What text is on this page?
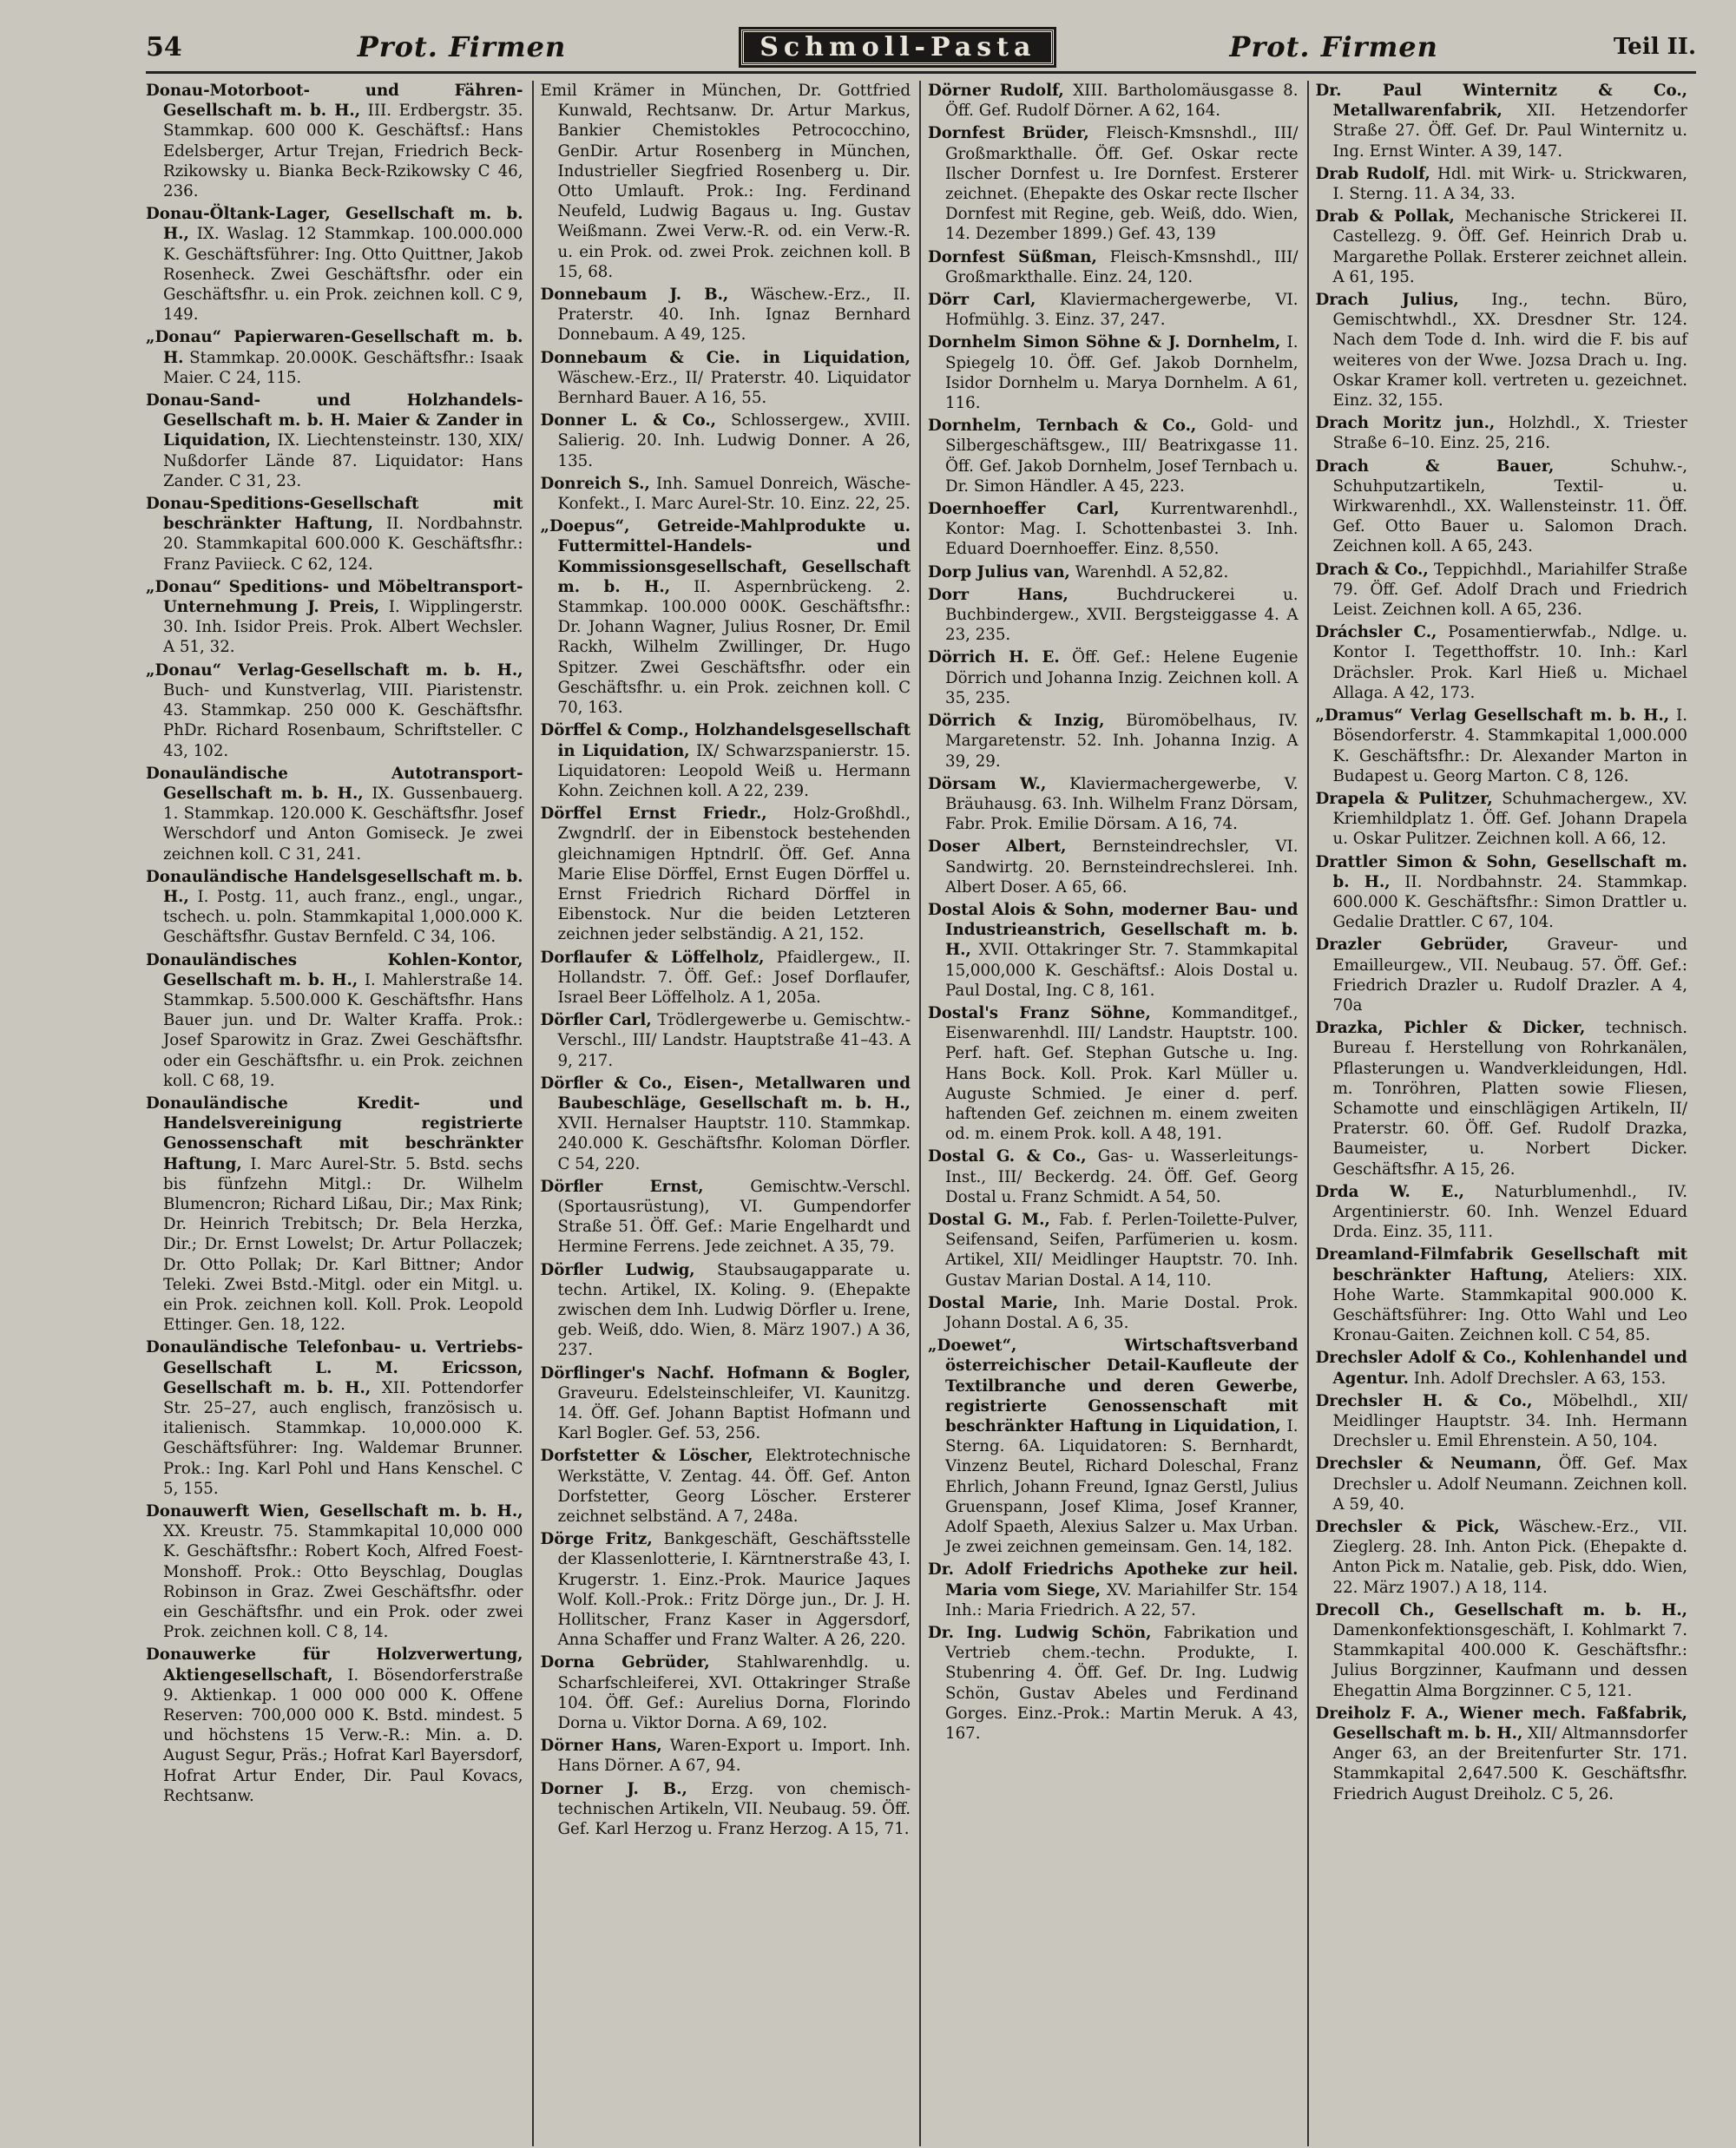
54	Prot. Firmen	Schmoll-Pasta	Prot. Firmen	Teil II.

Donau-Motorboot- und Fähren-Gesellschaft m. b. H., III. Erdbergstr. 35. Stammkap. 600 000 K. Geschäftsf.: Hans Edelsberger, Artur Trejan, Friedrich Beck-Rzikowsky u. Bianka Beck-Rzikowsky C 46, 236.

Donau-Öltank-Lager, Gesellschaft m. b. H., IX. Waslag. 12 Stammkap. 100.000.000 K. Geschäftsführer: Ing. Otto Quittner, Jakob Rosenheck. Zwei Geschäftsfhr. oder ein Geschäftsfhr. u. ein Prok. zeichnen koll. C 9, 149.

„Donau“ Papierwaren-Gesellschaft m. b. H. Stammkap. 20.000K. Geschäftsfhr.: Isaak Maier. C 24, 115.

Donau-Sand- und Holzhandels-Gesellschaft m. b. H. Maier & Zander in Liquidation, IX. Liechtensteinstr. 130, XIX/ Nußdorfer Lände 87. Liquidator: Hans Zander. C 31, 23.

Donau-Speditions-Gesellschaft mit beschränkter Haftung, II. Nordbahnstr. 20. Stammkapital 600.000 K. Geschäftsfhr.: Franz Paviieck. C 62, 124.

„Donau“ Speditions- und Möbeltransport-Unternehmung J. Preis, I. Wipplingerstr. 30. Inh. Isidor Preis. Prok. Albert Wechsler. A 51, 32.

„Donau“ Verlag-Gesellschaft m. b. H., Buch- und Kunstverlag, VIII. Piaristenstr. 43. Stammkap. 250 000 K. Geschäftsfhr. PhDr. Richard Rosenbaum, Schriftsteller. C 43, 102.

Donauländische Autotransport-Gesellschaft m. b. H., IX. Gussenbauerg. 1. Stammkap. 120.000 K. Geschäftsfhr. Josef Werschdorf und Anton Gomiseck. Je zwei zeichnen koll. C 31, 241.

Donauländische Handelsgesellschaft m. b. H., I. Postg. 11, auch franz., engl., ungar., tschech. u. poln. Stammkapital 1,000.000 K. Geschäftsfhr. Gustav Bernfeld. C 34, 106.

Donauländisches Kohlen-Kontor, Gesellschaft m. b. H., I. Mahlerstraße 14. Stammkap. 5.500.000 K. Geschäftsfhr. Hans Bauer jun. und Dr. Walter Kraffa. Prok.: Josef Sparowitz in Graz. Zwei Geschäftsfhr. oder ein Geschäftsfhr. u. ein Prok. zeichnen koll. C 68, 19.

Donauländische Kredit- und Handelsvereinigung registrierte Genossenschaft mit beschränkter Haftung, I. Marc Aurel-Str. 5. Bstd. sechs bis fünfzehn Mitgl.: Dr. Wilhelm Blumencron; Richard Lißau, Dir.; Max Rink; Dr. Heinrich Trebitsch; Dr. Bela Herzka, Dir.; Dr. Ernst Lowelst; Dr. Artur Pollaczek; Dr. Otto Pollak; Dr. Karl Bittner; Andor Teleki. Zwei Bstd.-Mitgl. oder ein Mitgl. u. ein Prok. zeichnen koll. Koll. Prok. Leopold Ettinger. Gen. 18, 122.

Donauländische Telefonbau- u. Vertriebs-Gesellschaft L. M. Ericsson, Gesellschaft m. b. H., XII. Pottendorfer Str. 25–27, auch englisch, französisch u. italienisch. Stammkap. 10,000.000 K. Geschäftsführer: Ing. Waldemar Brunner. Prok.: Ing. Karl Pohl und Hans Kenschel. C 5, 155.

Donauwerft Wien, Gesellschaft m. b. H., XX. Kreustr. 75. Stammkapital 10,000 000 K. Geschäftsfhr.: Robert Koch, Alfred Foest-Monshoff. Prok.: Otto Beyschlag, Douglas Robinson in Graz. Zwei Geschäftsfhr. oder ein Geschäftsfhr. und ein Prok. oder zwei Prok. zeichnen koll. C 8, 14.

Donauwerke für Holzverwertung, Aktiengesellschaft, I. Bösendorferstraße 9. Aktienkap. 1 000 000 000 K. Offene Reserven: 700,000 000 K. Bstd. mindest. 5 und höchstens 15 Verw.-R.: Min. a. D. August Segur, Präs.; Hofrat Karl Bayersdorf, Hofrat Artur Ender, Dir. Paul Kovacs, Rechtsanw.

Emil Krämer in München, Dr. Gottfried Kunwald, Rechtsanw. Dr. Artur Markus, Bankier Chemistokles Petrococchino, GenDir. Artur Rosenberg in München, Industrieller Siegfried Rosenberg u. Dir. Otto Umlauft. Prok.: Ing. Ferdinand Neufeld, Ludwig Bagaus u. Ing. Gustav Weißmann. Zwei Verw.-R. od. ein Verw.-R. u. ein Prok. od. zwei Prok. zeichnen koll. B 15, 68.

Donnebaum J. B., Wäschew.-Erz., II. Praterstr. 40. Inh. Ignaz Bernhard Donnebaum. A 49, 125.

Donnebaum & Cie. in Liquidation, Wäschew.-Erz., II/ Praterstr. 40. Liquidator Bernhard Bauer. A 16, 55.

Donner L. & Co., Schlossergew., XVIII. Salierig. 20. Inh. Ludwig Donner. A 26, 135.

Donreich S., Inh. Samuel Donreich, Wäsche-Konfekt., I. Marc Aurel-Str. 10. Einz. 22, 25.

„Doepus“, Getreide-Mahlprodukte u. Futtermittel-Handels- und Kommissionsgesellschaft, Gesellschaft m. b. H., II. Aspernbrückeng. 2. Stammkap. 100.000 000K. Geschäftsfhr.: Dr. Johann Wagner, Julius Rosner, Dr. Emil Rackh, Wilhelm Zwillinger, Dr. Hugo Spitzer. Zwei Geschäftsfhr. oder ein Geschäftsfhr. u. ein Prok. zeichnen koll. C 70, 163.

Dörffel & Comp., Holzhandelsgesellschaft in Liquidation, IX/ Schwarzspanierstr. 15. Liquidatoren: Leopold Weiß u. Hermann Kohn. Zeichnen koll. A 22, 239.

Dörffel Ernst Friedr., Holz-Großhdl., Zwgndrlſ. der in Eibenstock bestehenden gleichnamigen Hptndrlſ. Öff. Gef. Anna Marie Elise Dörffel, Ernst Eugen Dörffel u. Ernst Friedrich Richard Dörffel in Eibenstock. Nur die beiden Letzteren zeichnen jeder selbständig. A 21, 152.

Dorflaufer & Löffelholz, Pfaidlergew., II. Hollandstr. 7. Öff. Gef.: Josef Dorflaufer, Israel Beer Löffelholz. A 1, 205a.

Dörfler Carl, Trödlergewerbe u. Gemischtw.-Verschl., III/ Landstr. Hauptstraße 41–43. A 9, 217.

Dörfler & Co., Eisen-, Metallwaren und Baubeschläge, Gesellschaft m. b. H., XVII. Hernalser Hauptstr. 110. Stammkap. 240.000 K. Geschäftsfhr. Koloman Dörfler. C 54, 220.

Dörfler Ernst,	Gemischtw.-Verschl. (Sportausrüstung), VI. Gumpendorfer Straße 51. Öff. Gef.: Marie Engelhardt und Hermine Ferrens. Jede zeichnet. A 35, 79.

Dörfler Ludwig, Staubsaugapparate u. techn. Artikel, IX. Koling. 9. (Ehepakte zwischen dem Inh. Ludwig Dörfler u. Irene, geb. Weiß, ddo. Wien, 8. März 1907.) A 36, 237.

Dörflinger's Nachf. Hofmann & Bogler, Graveuru. Edelsteinschleifer, VI. Kaunitzg. 14. Öff. Gef. Johann Baptist Hofmann und Karl Bogler. Gef. 53, 256.

Dorfstetter & Löscher, Elektrotechnische Werkstätte, V. Zentag. 44. Öff. Gef. Anton Dorfstetter, Georg Löscher. Ersterer zeichnet selbständ. A 7, 248a.

Dörge Fritz, Bankgeschäft, Geschäftsstelle der Klassenlotterie, I. Kärntnerstraße 43, I. Krugerstr. 1. Einz.-Prok. Maurice Jaques Wolf. Koll.-Prok.: Fritz Dörge jun., Dr. J. H. Hollitscher, Franz Kaser in Aggersdorf, Anna Schaffer und Franz Walter. A 26, 220.

Dorna Gebrüder, Stahlwarenhdlg. u. Scharfschleiferei, XVI. Ottakringer Straße 104. Öff. Gef.: Aurelius Dorna, Florindo Dorna u. Viktor Dorna. A 69, 102.

Dörner Hans, Waren-Export u. Import. Inh. Hans Dörner. A 67, 94.

Dorner J. B., Erzg. von chemisch-technischen Artikeln, VII. Neubaug. 59. Öff. Gef. Karl Herzog u. Franz Herzog. A 15, 71.

Dörner Rudolf, XIII. Bartholomäusgasse 8. Öff. Gef. Rudolf Dörner. A 62, 164.

Dornfest Brüder, Fleisch-Kmsnshdl., III/ Großmarkthalle. Öff. Gef. Oskar recte Ilscher Dornfest u. Ire Dornfest. Ersterer zeichnet. (Ehepakte des Oskar recte Ilscher Dornfest mit Regine, geb. Weiß, ddo. Wien, 14. Dezember 1899.) Gef. 43, 139

Dornfest Süßman, Fleisch-Kmsnshdl., III/ Großmarkthalle. Einz. 24, 120.

Dörr Carl, Klaviermachergewerbe, VI. Hofmühlg. 3. Einz. 37, 247.

Dornhelm Simon Söhne & J. Dornhelm, I. Spiegelg 10. Öff. Gef. Jakob Dornhelm, Isidor Dornhelm u. Marya Dornhelm. A 61, 116.

Dornhelm, Ternbach & Co., Gold- und Silbergeschäftsgew., III/ Beatrixgasse 11. Öff. Gef. Jakob Dornhelm, Josef Ternbach u. Dr. Simon Händler. A 45, 223.

Doernhoeffer Carl, Kurrentwarenhdl., Kontor: Mag. I. Schottenbastei 3. Inh. Eduard Doernhoeffer. Einz. 8,550.

Dorp Julius van, Warenhdl. A 52,82.

Dorr Hans,	Buchdruckerei u. Buchbindergew., XVII. Bergsteiggasse 4. A 23, 235.

Dörrich H. E. Öff. Gef.: Helene Eugenie Dörrich und Johanna Inzig. Zeichnen koll. A 35, 235.

Dörrich & Inzig, Büromöbelhaus, IV. Margaretenstr. 52. Inh. Johanna Inzig. A 39, 29.

Dörsam W., Klaviermachergewerbe, V. Bräuhausg. 63. Inh. Wilhelm Franz Dörsam, Fabr. Prok. Emilie Dörsam. A 16, 74.

Doser Albert, Bernsteindrechsler, VI. Sandwirtg. 20. Bernsteindrechslerei. Inh. Albert Doser. A 65, 66.

Dostal Alois & Sohn, moderner Bau- und Industrieanstrich, Gesellschaft m. b. H., XVII. Ottakringer Str. 7. Stammkapital 15,000,000 K. Geschäftsf.: Alois Dostal u. Paul Dostal, Ing. C 8, 161.

Dostal's Franz Söhne, Kommanditgef., Eisenwarenhdl. III/ Landstr. Hauptstr. 100. Perf. haft. Gef. Stephan Gutsche u. Ing. Hans Bock. Koll. Prok. Karl Müller u. Auguste Schmied. Je einer d. perf. haftenden Gef. zeichnen m. einem zweiten od. m. einem Prok. koll. A 48, 191.

Dostal G. & Co., Gas- u. Wasserleitungs-Inst., III/ Beckerdg. 24. Öff. Gef. Georg Dostal u. Franz Schmidt. A 54, 50.

Dostal G. M., Fab. f. Perlen-Toilette-Pulver, Seifensand, Seifen, Parfümerien u. kosm. Artikel, XII/ Meidlinger Hauptstr. 70. Inh. Gustav Marian Dostal. A 14, 110.

Dostal Marie, Inh. Marie Dostal. Prok. Johann Dostal. A 6, 35.

„Doewet“, Wirtschaftsverband österreichischer Detail-Kaufleute der Textilbranche und deren Gewerbe, registrierte Genossenschaft mit beschränkter Haftung in Liquidation, I. Sterng. 6A. Liquidatoren: S. Bernhardt, Vinzenz Beutel, Richard Doleschal, Franz Ehrlich, Johann Freund, Ignaz Gerstl, Julius Gruenspann, Josef Klima, Josef Kranner, Adolf Spaeth, Alexius Salzer u. Max Urban. Je zwei zeichnen gemeinsam. Gen. 14, 182.

Dr. Adolf Friedrichs Apotheke zur heil. Maria vom Siege, XV. Mariahilfer Str. 154 Inh.: Maria Friedrich. A 22, 57.

Dr. Ing. Ludwig Schön, Fabrikation und Vertrieb chem.-techn. Produkte, I. Stubenring 4. Öff. Gef. Dr. Ing. Ludwig Schön, Gustav Abeles und Ferdinand Gorges. Einz.-Prok.: Martin Meruk. A 43, 167.

Dr. Paul Winternitz & Co., Metallwarenfabrik, XII. Hetzendorfer Straße 27. Öff. Gef. Dr. Paul Winternitz u. Ing. Ernst Winter. A 39, 147.

Drab Rudolf, Hdl. mit Wirk- u. Strickwaren, I. Sterng. 11. A 34, 33.

Drab & Pollak, Mechanische Strickerei II. Castellezg. 9. Öff. Gef. Heinrich Drab u. Margarethe Pollak. Ersterer zeichnet allein. A 61, 195.

Drach Julius, Ing., techn. Büro, Gemischtwhdl., XX. Dresdner Str. 124. Nach dem Tode d. Inh. wird die F. bis auf weiteres von der Wwe. Jozsa Drach u. Ing. Oskar Kramer koll. vertreten u. gezeichnet. Einz. 32, 155.

Drach Moritz jun., Holzhdl., X. Triester Straße 6–10. Einz. 25, 216.

Drach & Bauer,	Schuhw.-, Schuhputzartikeln, Textil- u. Wirkwarenhdl., XX. Wallensteinstr. 11. Öff. Gef. Otto Bauer u. Salomon Drach. Zeichnen koll. A 65, 243.

Drach & Co., Teppichhdl., Mariahilfer Straße 79. Öff. Gef. Adolf Drach und Friedrich Leist. Zeichnen koll. A 65, 236.

Dráchsler C., Posamentierwfab., Ndlge. u. Kontor I. Tegetthoffstr. 10. Inh.: Karl Drächsler. Prok. Karl Hieß u. Michael Allaga. A 42, 173.

„Dramus“ Verlag Gesellschaft m. b. H., I. Bösendorferstr. 4. Stammkapital 1,000.000 K. Geschäftsfhr.: Dr. Alexander Marton in Budapest u. Georg Marton. C 8, 126.

Drapela & Pulitzer, Schuhmachergew., XV. Kriemhildplatz 1. Öff. Gef. Johann Drapela u. Oskar Pulitzer. Zeichnen koll. A 66, 12.

Drattler Simon & Sohn, Gesellschaft m. b. H., II. Nordbahnstr. 24. Stammkap. 600.000 K. Geschäftsfhr.: Simon Drattler u. Gedalie Drattler. C 67, 104.

Drazler Gebrüder, Graveur- und Emailleurgew., VII. Neubaug. 57. Öff. Gef.: Friedrich Drazler u. Rudolf Drazler. A 4, 70a

Drazka, Pichler & Dicker, technisch. Bureau f. Herstellung von Rohrkanälen, Pflasterungen u. Wandverkleidungen, Hdl. m. Tonröhren, Platten sowie Fliesen, Schamotte und einschlägigen Artikeln, II/ Praterstr. 60. Öff. Gef. Rudolf Drazka, Baumeister, u. Norbert Dicker. Geschäftsfhr. A 15, 26.

Drda W. E., Naturblumenhdl., IV. Argentinierstr. 60. Inh. Wenzel Eduard Drda. Einz. 35, 111.

Dreamland-Filmfabrik Gesellschaft mit beschränkter Haftung, Ateliers: XIX. Hohe Warte. Stammkapital 900.000 K. Geschäftsführer: Ing. Otto Wahl und Leo Kronau-Gaiten. Zeichnen koll. C 54, 85.

Drechsler Adolf & Co., Kohlenhandel und Agentur. Inh. Adolf Drechsler. A 63, 153.

Drechsler H. & Co., Möbelhdl., XII/ Meidlinger Hauptstr. 34. Inh. Hermann Drechsler u. Emil Ehrenstein. A 50, 104.

Drechsler & Neumann, Öff. Gef. Max Drechsler u. Adolf Neumann. Zeichnen koll. A 59, 40.

Drechsler & Pick, Wäschew.-Erz., VII. Zieglerg. 28. Inh. Anton Pick. (Ehepakte d. Anton Pick m. Natalie, geb. Pisk, ddo. Wien, 22. März 1907.) A 18, 114.

Drecoll Ch., Gesellschaft m. b. H., Damenkonfektionsgeschäft, I. Kohlmarkt 7. Stammkapital 400.000 K. Geschäftsfhr.: Julius Borgzinner, Kaufmann und dessen Ehegattin Alma Borgzinner. C 5, 121.

Dreiholz F. A., Wiener mech. Faßfabrik, Gesellschaft m. b. H., XII/ Altmannsdorfer Anger 63, an der Breitenfurter Str. 171. Stammkapital 2,647.500 K. Geschäftsfhr. Friedrich August Dreiholz. C 5, 26.
